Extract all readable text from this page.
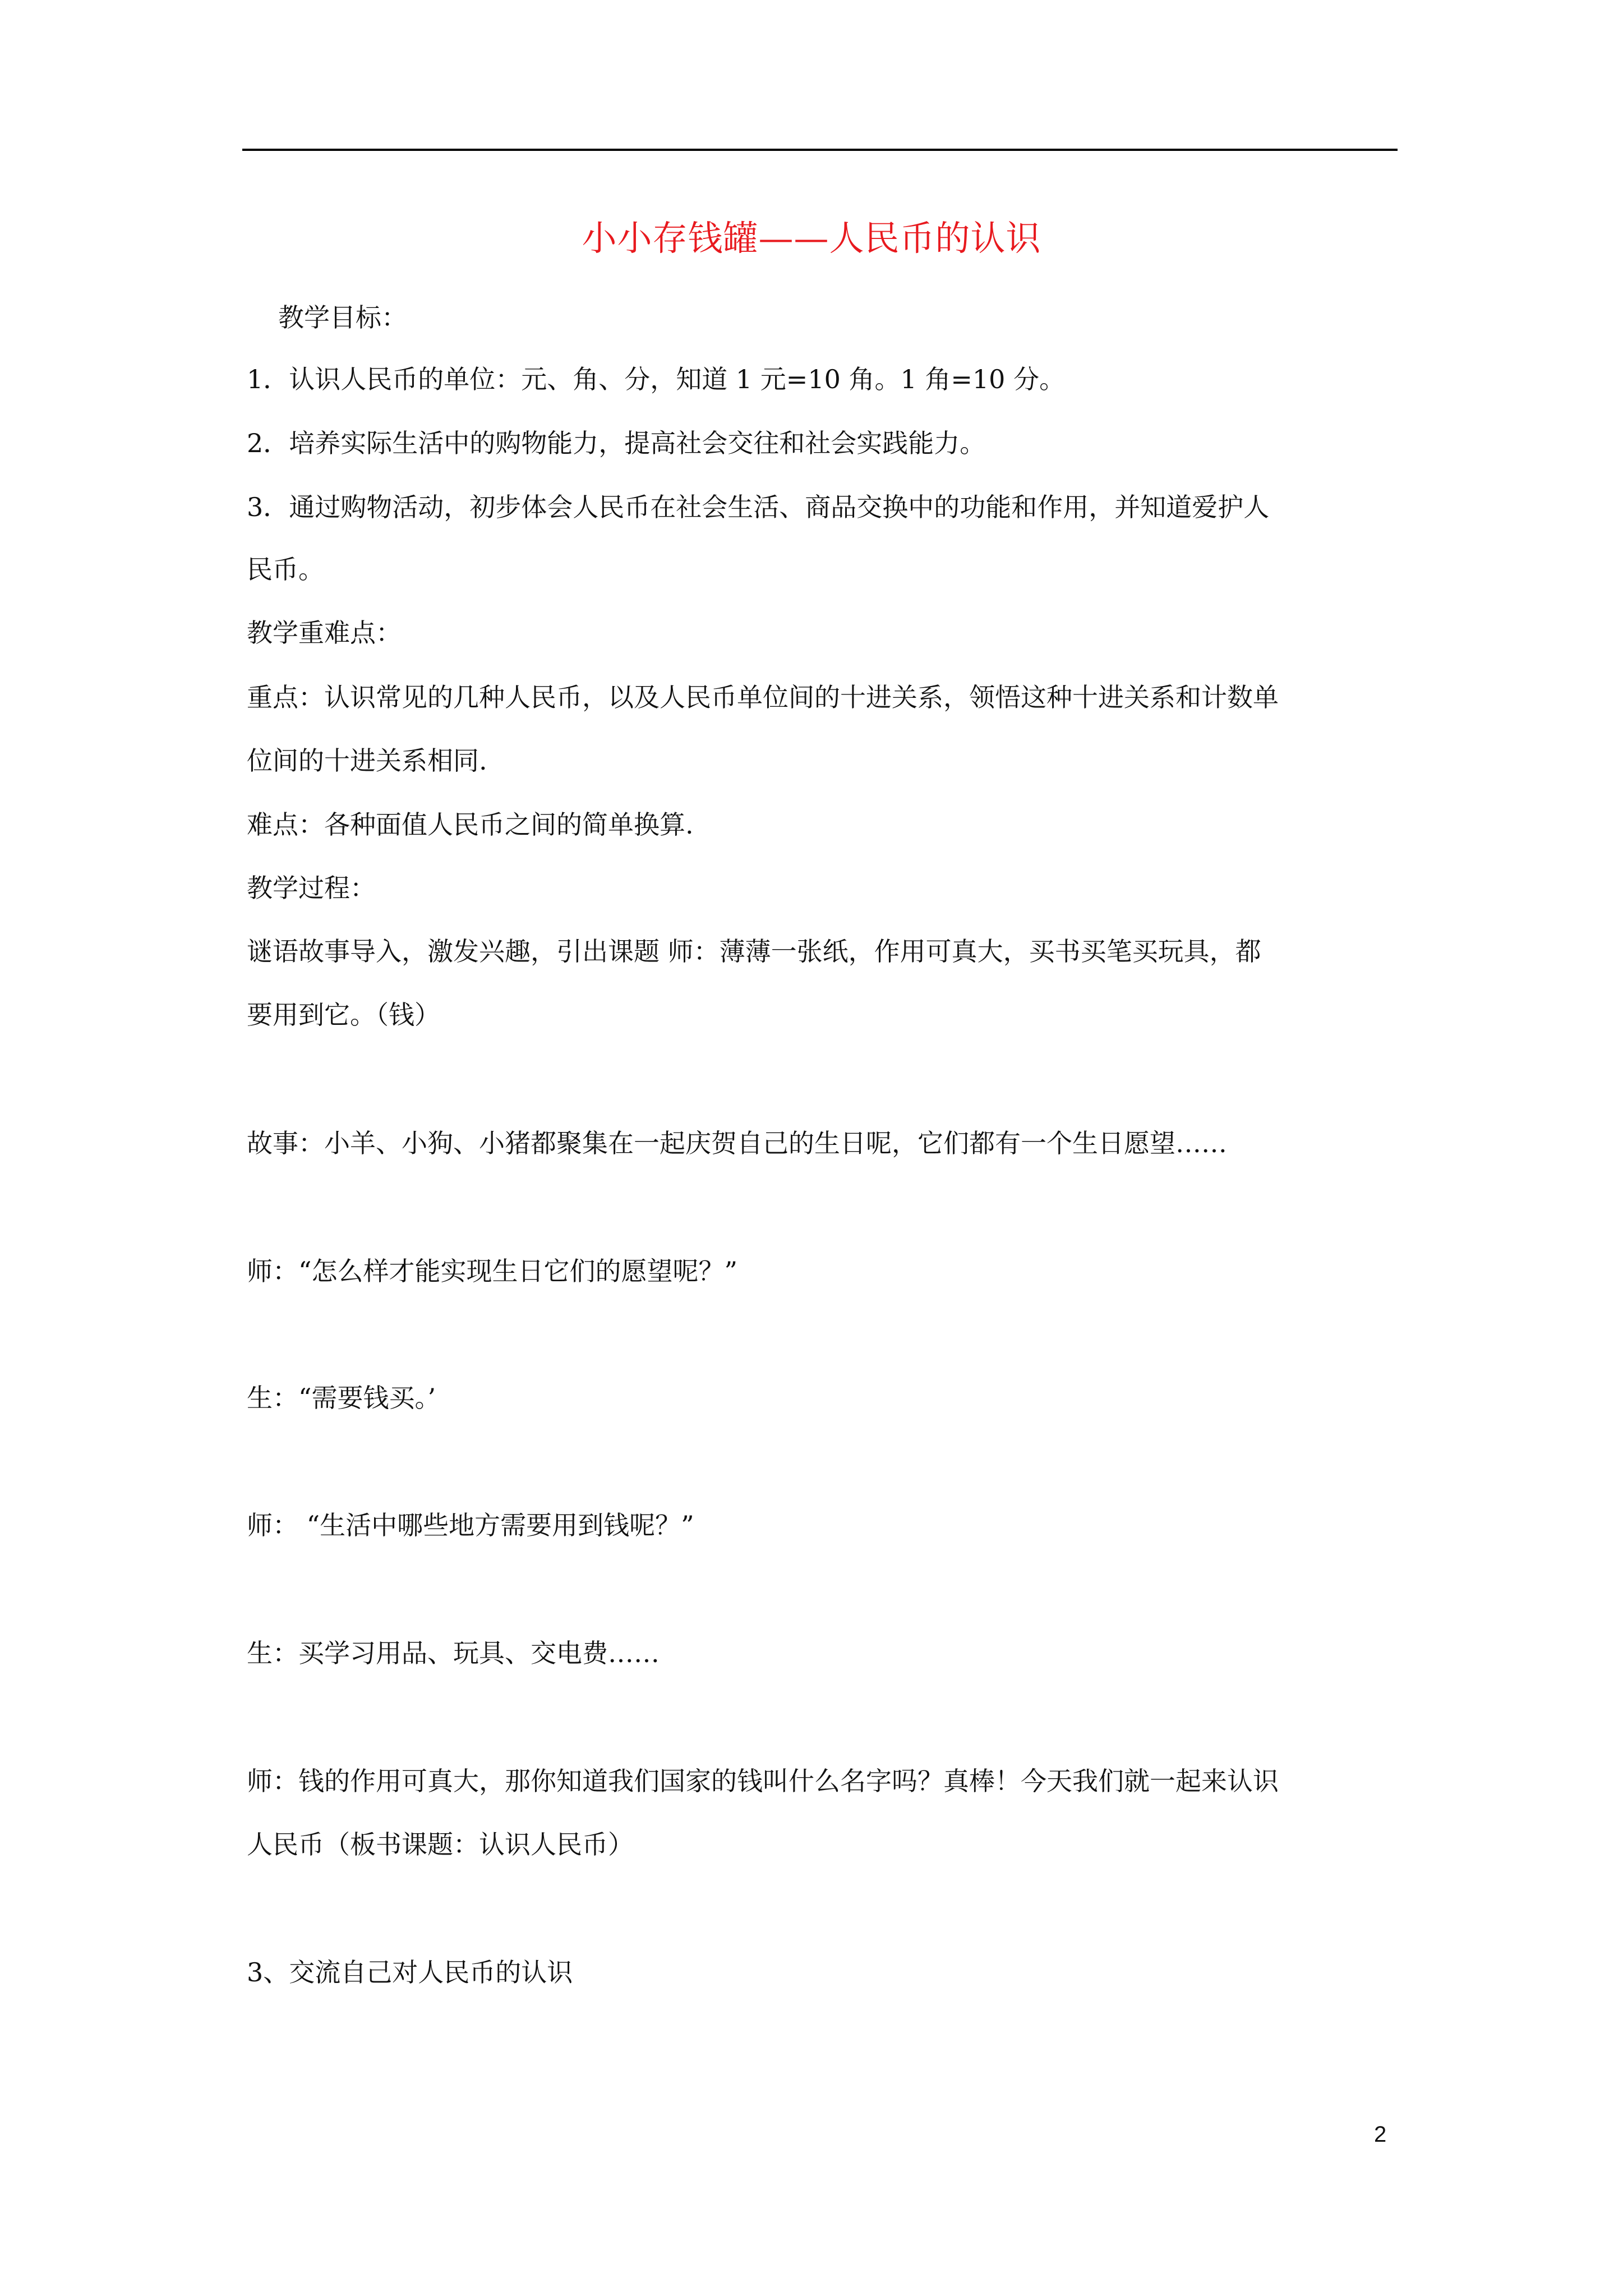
小小存钱罐——人民币的认识
教学目标：
1．认识人民币的单位：元、角、分，知道 1 元=10 角。1 角=10 分。
2．培养实际生活中的购物能力，提高社会交往和社会实践能力。
3．通过购物活动，初步体会人民币在社会生活、商品交换中的功能和作用，并知道爱护人
民币。
教学重难点：
重点：认识常见的几种人民币，以及人民币单位间的十进关系，领悟这种十进关系和计数单
位间的十进关系相同.
难点：各种面值人民币之间的简单换算.
教学过程：
谜语故事导入，激发兴趣，引出课题 师：薄薄一张纸，作用可真大，买书买笔买玩具，都
要用到它。（钱）
故事：小羊、小狗、小猪都聚集在一起庆贺自己的生日呢，它们都有一个生日愿望……
师：“怎么样才能实现生日它们的愿望呢？”
生：“需要钱买。’
师： “生活中哪些地方需要用到钱呢？”
生：买学习用品、玩具、交电费……
师：钱的作用可真大，那你知道我们国家的钱叫什么名字吗？真棒！今天我们就一起来认识
人民币（板书课题：认识人民币）
3、交流自己对人民币的认识
2
